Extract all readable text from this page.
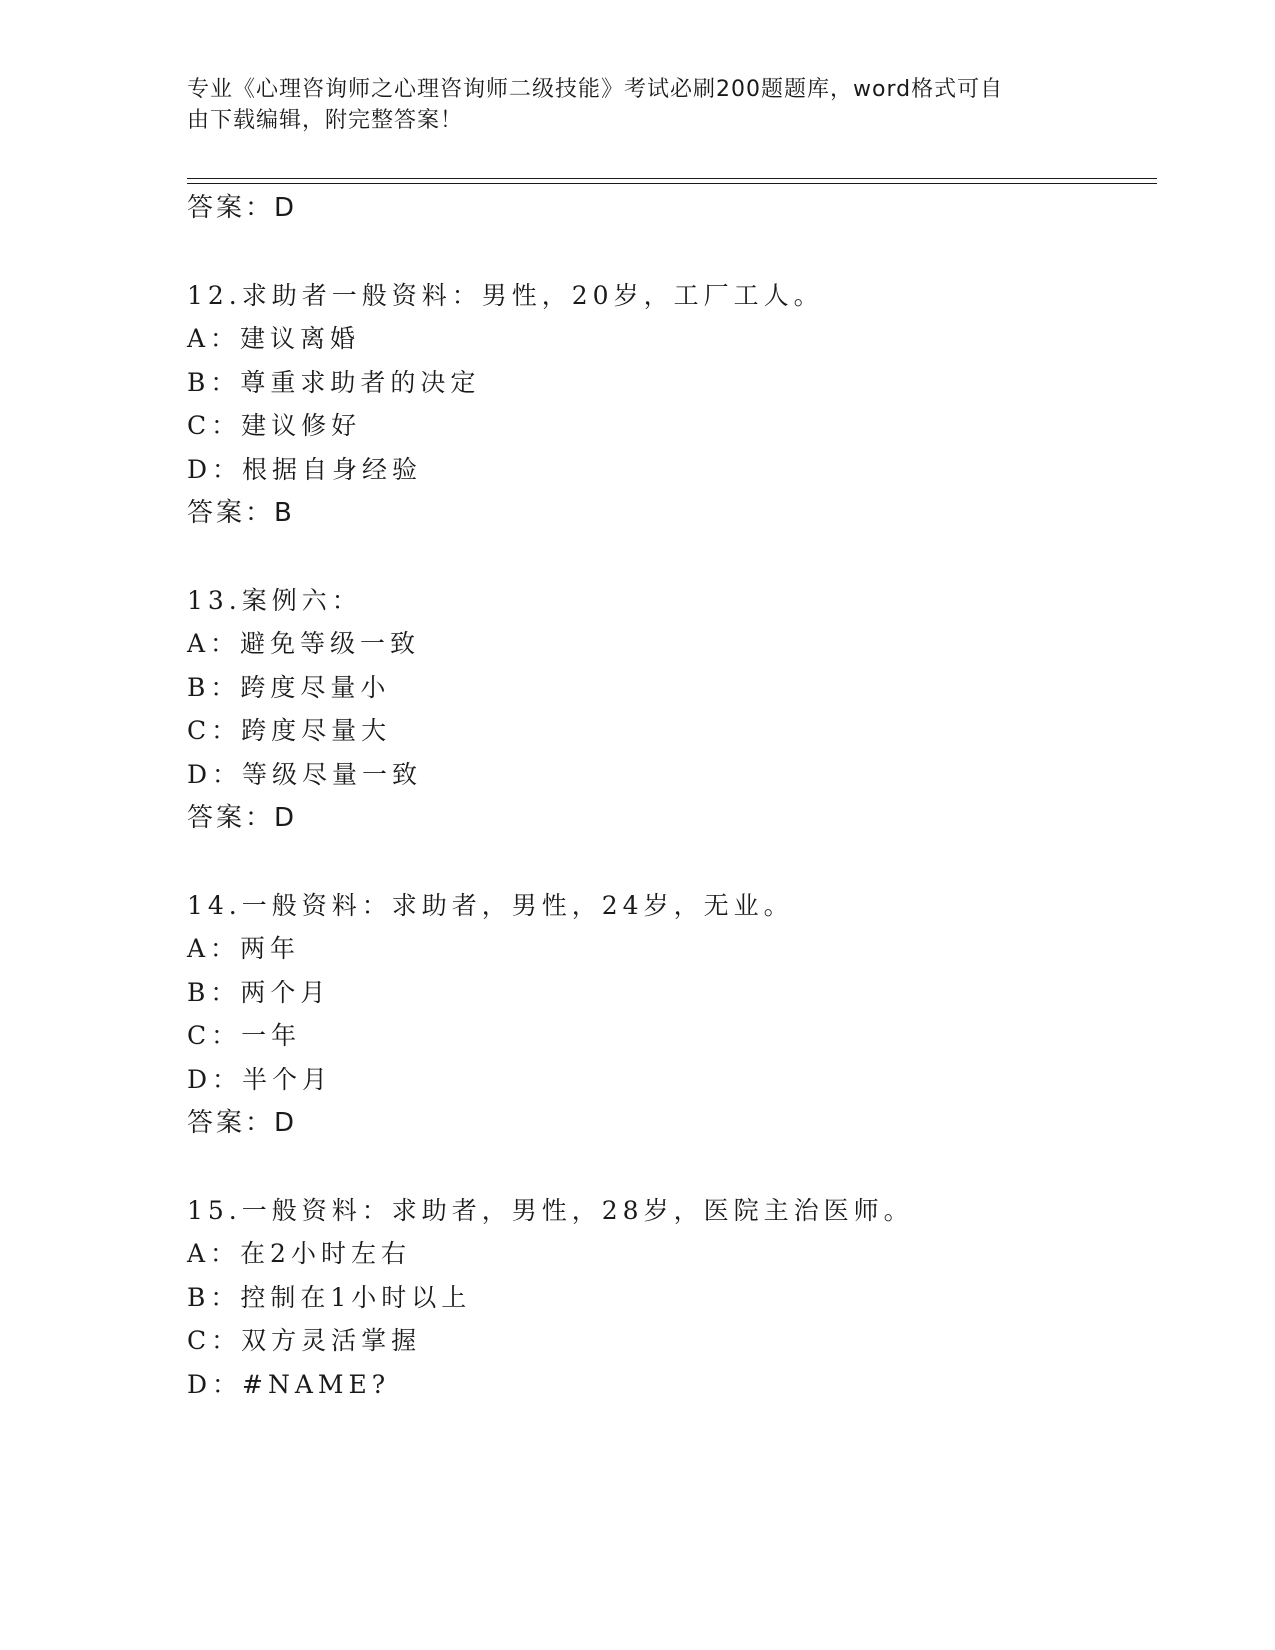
专业《心理咨询师之心理咨询师二级技能》考试必刷200题题库，word格式可自
由下载编辑，附完整答案！
答案：D
12.求助者一般资料：男性，20岁，工厂工人。
A：建议离婚
B：尊重求助者的决定
C：建议修好
D：根据自身经验
答案：B
13.案例六：
A：避免等级一致
B：跨度尽量小
C：跨度尽量大
D：等级尽量一致
答案：D
14.一般资料：求助者，男性，24岁，无业。
A：两年
B：两个月
C：一年
D：半个月
答案：D
15.一般资料：求助者，男性，28岁，医院主治医师。
A：在2小时左右
B：控制在1小时以上
C：双方灵活掌握
D：#NAME?
